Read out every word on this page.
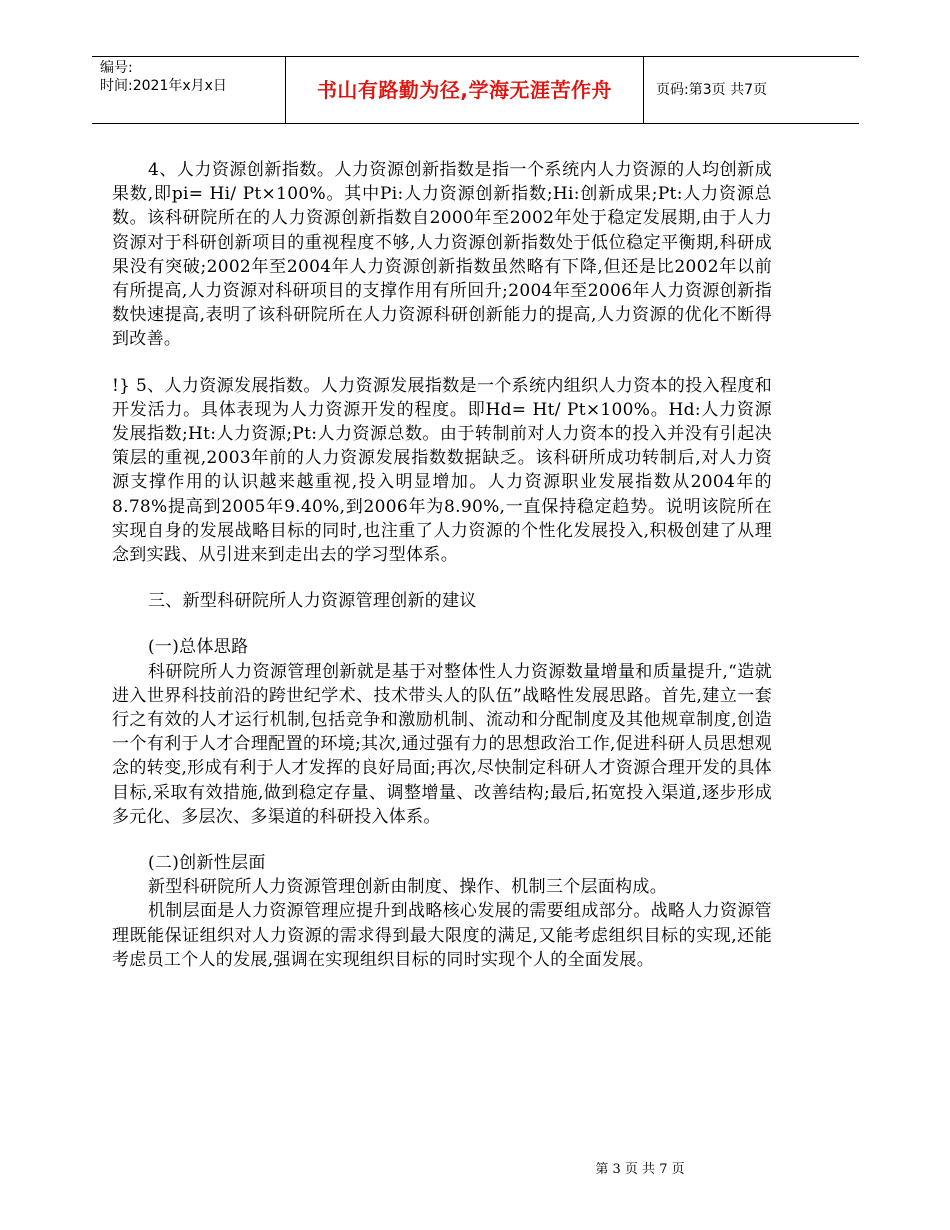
编号:
时间:2021年x月x日	书山有路勤为径,学海无涯苦作舟	页码:第3页 共7页

4、人力资源创新指数。人力资源创新指数是指一个系统内人力资源的人均创新成果数,即pi= Hi/ Pt×100%。其中Pi:人力资源创新指数;Hi:创新成果;Pt:人力资源总数。该科研院所在的人力资源创新指数自2000年至2002年处于稳定发展期,由于人力资源对于科研创新项目的重视程度不够,人力资源创新指数处于低位稳定平衡期,科研成果没有突破;2002年至2004年人力资源创新指数虽然略有下降,但还是比2002年以前有所提高,人力资源对科研项目的支撑作用有所回升;2004年至2006年人力资源创新指数快速提高,表明了该科研院所在人力资源科研创新能力的提高,人力资源的优化不断得到改善。

!} 5、人力资源发展指数。人力资源发展指数是一个系统内组织人力资本的投入程度和开发活力。具体表现为人力资源开发的程度。即Hd= Ht/ Pt×100%。Hd:人力资源发展指数;Ht:人力资源;Pt:人力资源总数。由于转制前对人力资本的投入并没有引起决策层的重视,2003年前的人力资源发展指数数据缺乏。该科研所成功转制后,对人力资源支撑作用的认识越来越重视,投入明显增加。人力资源职业发展指数从2004年的8.78%提高到2005年9.40%,到2006年为8.90%,一直保持稳定趋势。说明该院所在实现自身的发展战略目标的同时,也注重了人力资源的个性化发展投入,积极创建了从理念到实践、从引进来到走出去的学习型体系。

三、新型科研院所人力资源管理创新的建议

(一)总体思路

科研院所人力资源管理创新就是基于对整体性人力资源数量增量和质量提升,“造就进入世界科技前沿的跨世纪学术、技术带头人的队伍”战略性发展思路。首先,建立一套行之有效的人才运行机制,包括竞争和激励机制、流动和分配制度及其他规章制度,创造一个有利于人才合理配置的环境;其次,通过强有力的思想政治工作,促进科研人员思想观念的转变,形成有利于人才发挥的良好局面;再次,尽快制定科研人才资源合理开发的具体目标,采取有效措施,做到稳定存量、调整增量、改善结构;最后,拓宽投入渠道,逐步形成多元化、多层次、多渠道的科研投入体系。

(二)创新性层面

新型科研院所人力资源管理创新由制度、操作、机制三个层面构成。

机制层面是人力资源管理应提升到战略核心发展的需要组成部分。战略人力资源管理既能保证组织对人力资源的需求得到最大限度的满足,又能考虑组织目标的实现,还能考虑员工个人的发展,强调在实现组织目标的同时实现个人的全面发展。

第 3 页 共 7 页
